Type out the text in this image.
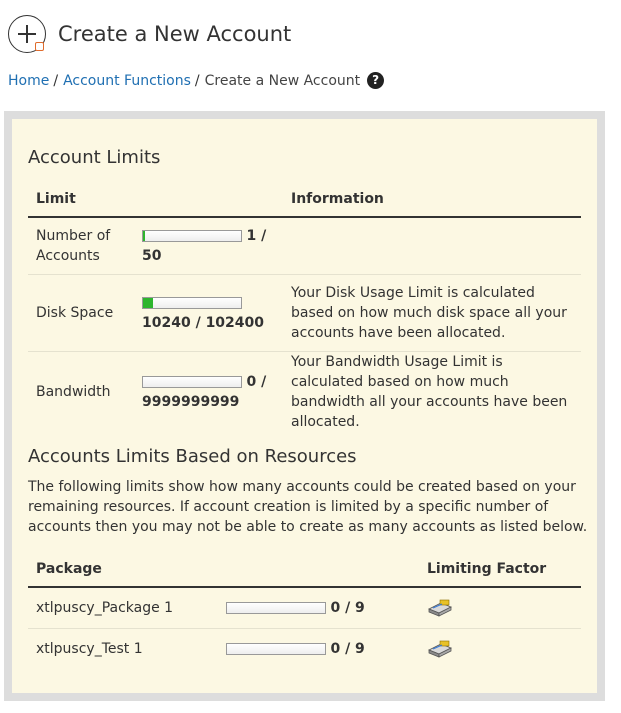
Create a New Account
Home / Account Functions / Create a New Account	?
Account Limits
Limit		Information
Number of Accounts	1 / 50	
Disk Space	10240 / 102400	Your Disk Usage Limit is calculated based on how much disk space all your accounts have been allocated.
Bandwidth	0 / 9999999999	Your Bandwidth Usage Limit is calculated based on how much bandwidth all your accounts have been allocated.
Accounts Limits Based on Resources

The following limits show how many accounts could be created based on your remaining resources. If account creation is limited by a specific number of accounts then you may not be able to create as many accounts as listed below.

Package		Limiting Factor
xtlpuscy_Package 1	0 / 9	
xtlpuscy_Test 1	0 / 9	
